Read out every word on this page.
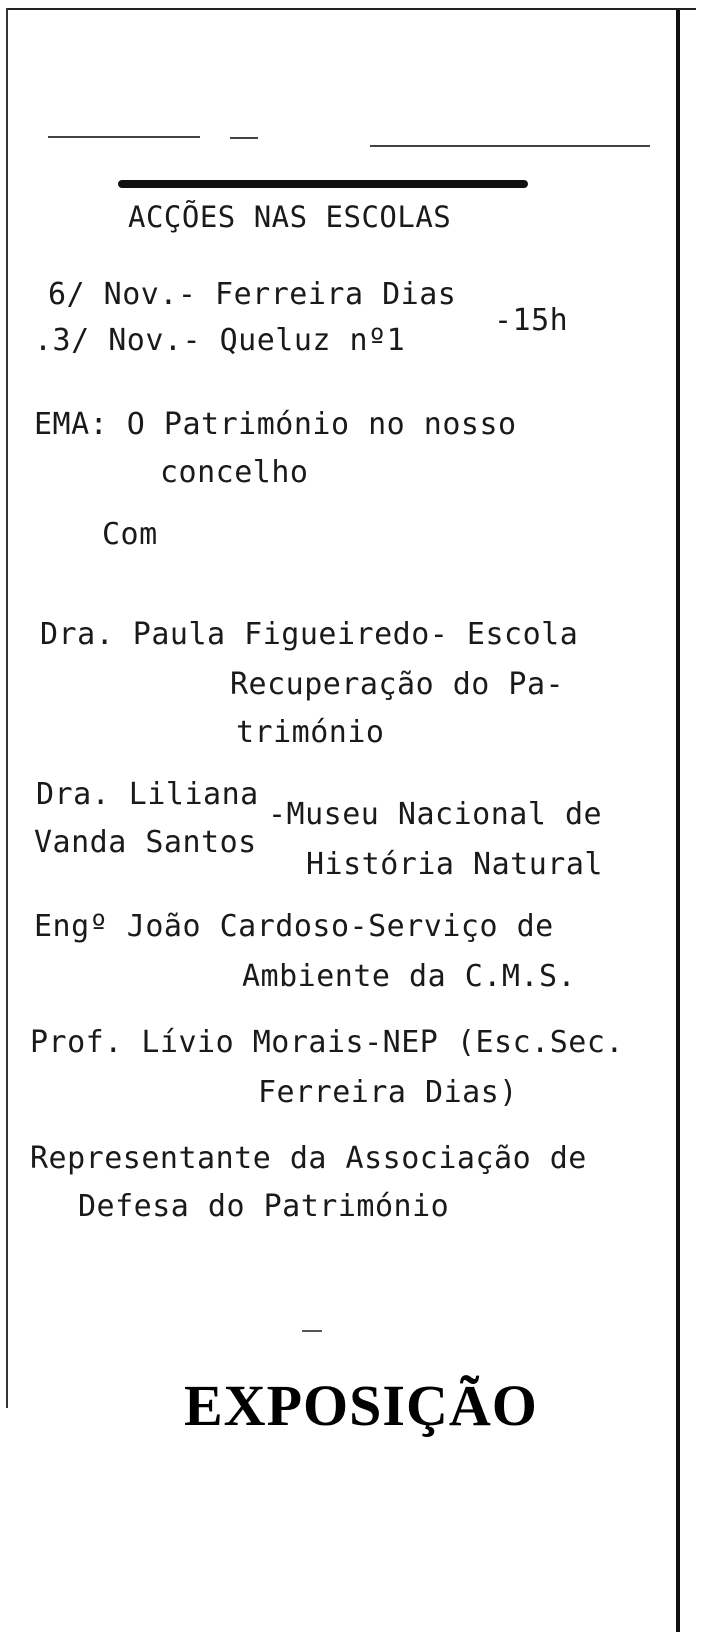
ACÇÕES NAS ESCOLAS
6/ Nov.- Ferreira Dias
.3/ Nov.- Queluz nº1
-15h
EMA: O Património no nosso
concelho
Com
Dra. Paula Figueiredo- Escola
Recuperação do Pa-
trimónio
Dra. Liliana
Vanda Santos
-Museu Nacional de
História Natural
Engº João Cardoso-Serviço de
Ambiente da C.M.S.
Prof. Lívio Morais-NEP (Esc.Sec.
Ferreira Dias)
Representante da Associação de
Defesa do Património
EXPOSIÇÃO
